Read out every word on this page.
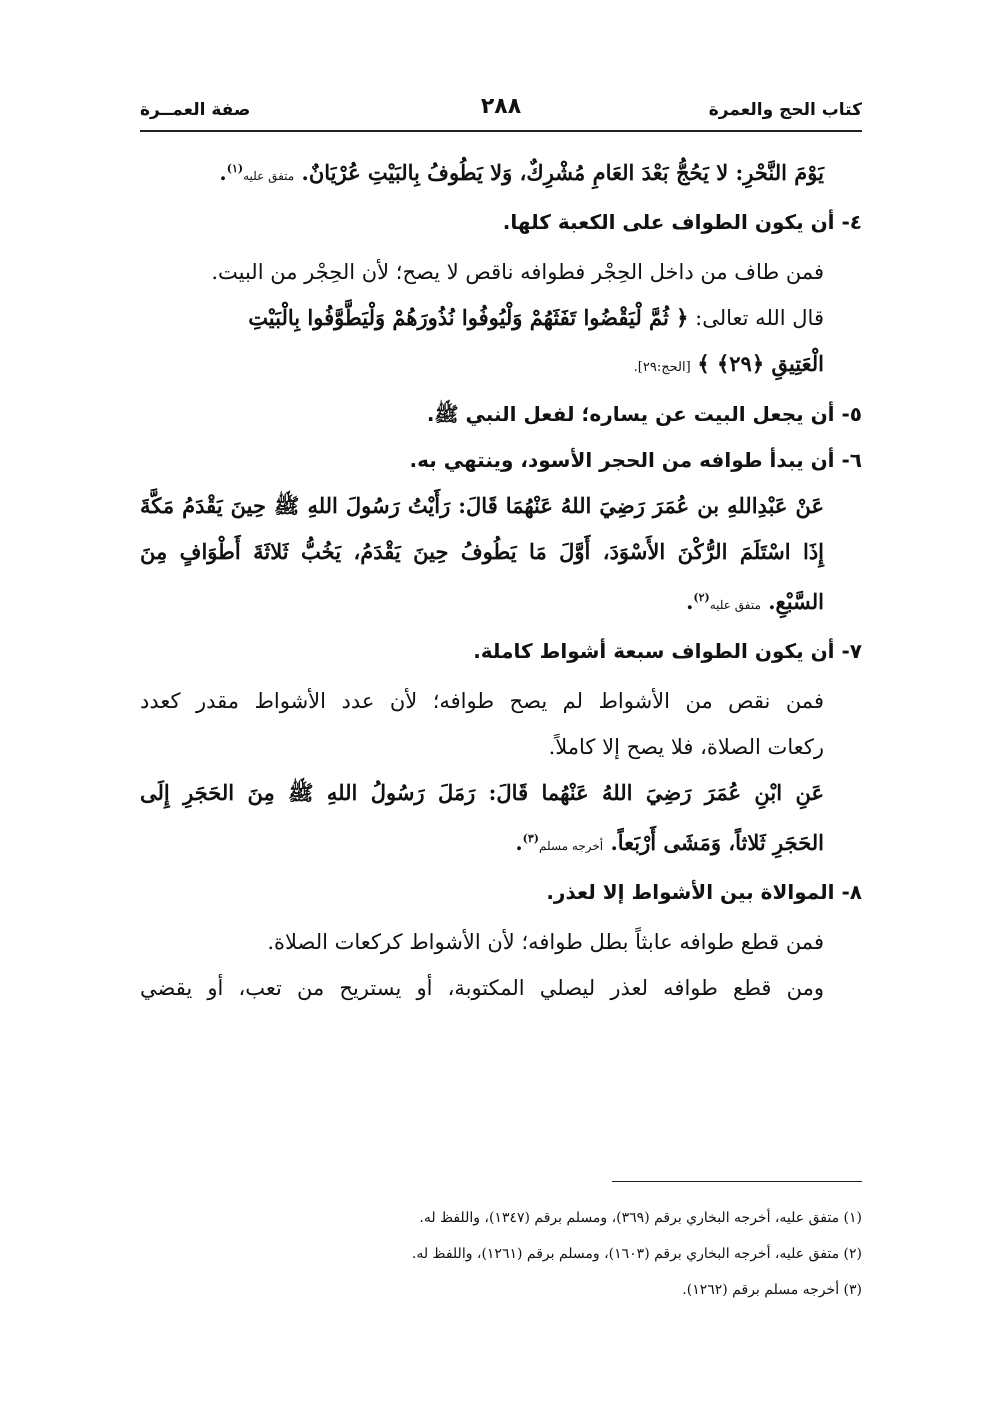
كتاب الحج والعمرة
٢٨٨
صفة العمــرة
يَوْمَ النَّحْرِ: لا يَحُجُّ بَعْدَ العَامِ مُشْرِكٌ، وَلا يَطُوفُ بِالبَيْتِ عُرْيَانٌ. متفق عليه$^{(١)}$.
٤- أن يكون الطواف على الكعبة كلها.
فمن طاف من داخل الحِجْر فطوافه ناقص لا يصح؛ لأن الحِجْر من البيت.
قال الله تعالى: ﴿ ثُمَّ لْيَقْضُوا تَفَثَهُمْ وَلْيُوفُوا نُذُورَهُمْ وَلْيَطَّوَّفُوا بِالْبَيْتِ
الْعَتِيقِ ﴿٢٩﴾ ﴾ [الحج:٢٩].
٥- أن يجعل البيت عن يساره؛ لفعل النبي ﷺ.
٦- أن يبدأ طوافه من الحجر الأسود، وينتهي به.
عَنْ عَبْدِاللهِ بن عُمَرَ رَضِيَ اللهُ عَنْهُمَا قَالَ: رَأَيْتُ رَسُولَ اللهِ ﷺ حِينَ يَقْدَمُ مَكَّةَ
إِذَا اسْتَلَمَ الرُّكْنَ الأَسْوَدَ، أَوَّلَ مَا يَطُوفُ حِينَ يَقْدَمُ، يَخُبُّ ثَلاثَةَ أَطْوَافٍ مِنَ
السَّبْعِ. متفق عليه$^{(٢)}$.
٧- أن يكون الطواف سبعة أشواط كاملة.
فمن نقص من الأشواط لم يصح طوافه؛ لأن عدد الأشواط مقدر كعدد
ركعات الصلاة، فلا يصح إلا كاملاً.
عَنِ ابْنِ عُمَرَ رَضِيَ اللهُ عَنْهُما قَالَ: رَمَلَ رَسُولُ اللهِ ﷺ مِنَ الحَجَرِ إِلَى
الحَجَرِ ثَلاثاً، وَمَشَى أَرْبَعاً. أخرجه مسلم$^{(٣)}$.
٨- الموالاة بين الأشواط إلا لعذر.
فمن قطع طوافه عابثاً بطل طوافه؛ لأن الأشواط كركعات الصلاة.
ومن قطع طوافه لعذر ليصلي المكتوبة، أو يستريح من تعب، أو يقضي
(١) متفق عليه، أخرجه البخاري برقم (٣٦٩)، ومسلم برقم (١٣٤٧)، واللفظ له.
(٢) متفق عليه، أخرجه البخاري برقم (١٦٠٣)، ومسلم برقم (١٢٦١)، واللفظ له.
(٣) أخرجه مسلم برقم (١٢٦٢).
